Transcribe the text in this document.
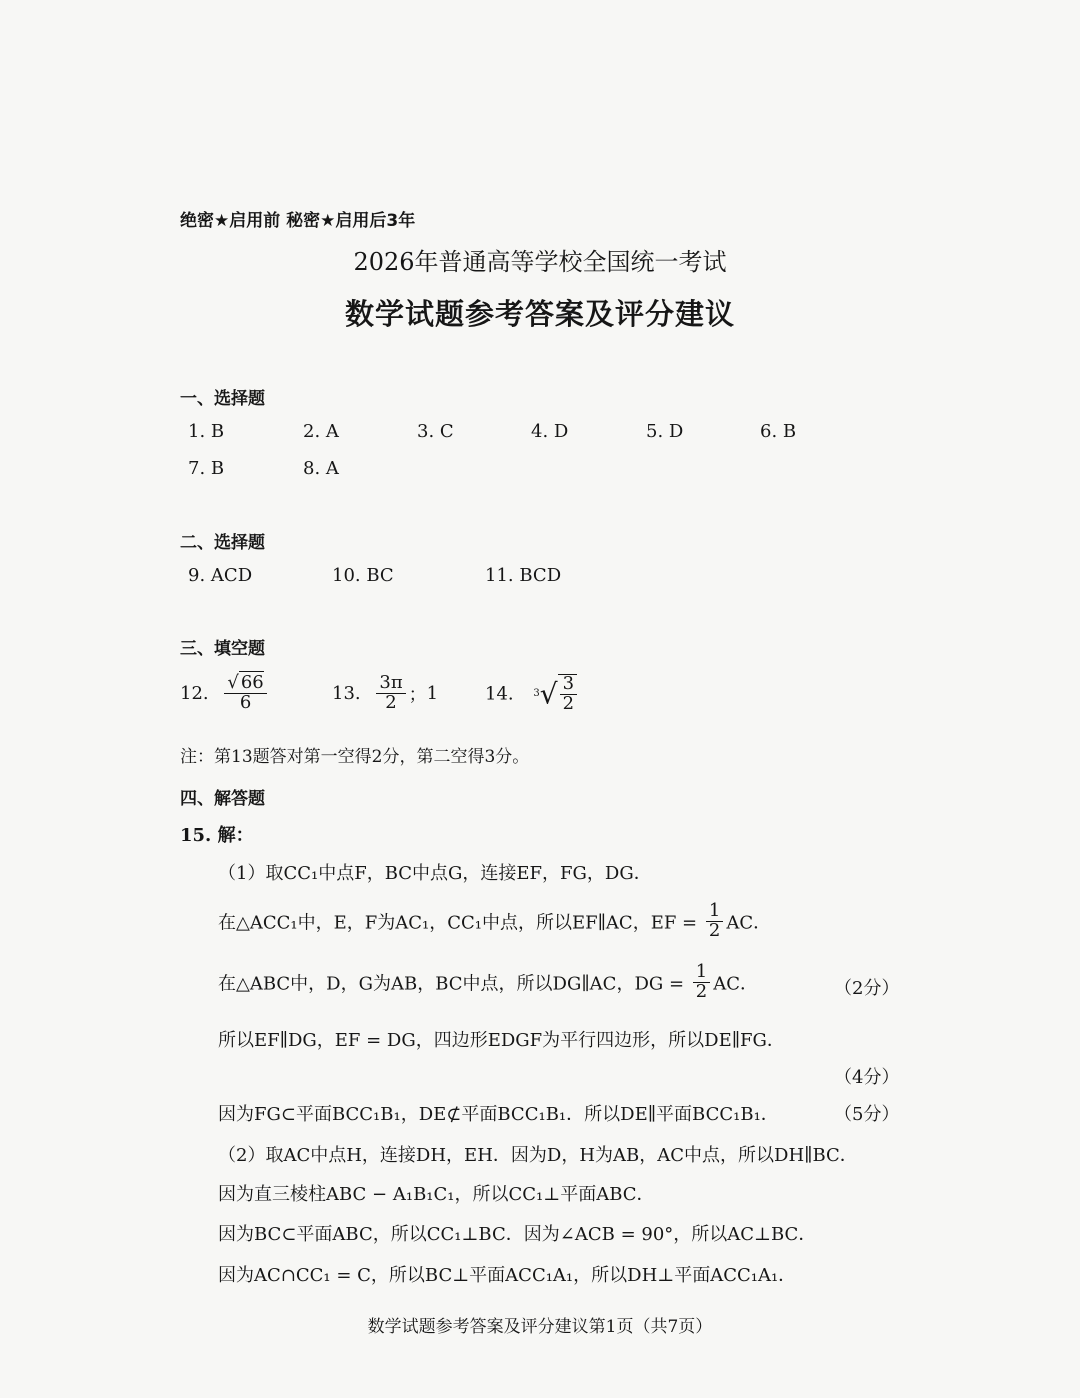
绝密★启用前 秘密★启用后3年
2026年普通高等学校全国统一考试
数学试题参考答案及评分建议
一、选择题
1. B	2. A	3. C	4. D	5. D	6. B
7. B	8. A
二、选择题
9. ACD	10. BC	11. BCD
三、填空题
12. $\frac{√ 66}{6}$	13. $\frac{3\pi}{2}$ ；1	14. $3√ \frac{3}{2}$
注：第13题答对第一空得2分，第二空得3分。
四、解答题
15. 解：
（1）取CC₁中点F，BC中点G，连接EF，FG，DG．
在△ACC₁中，E，F为AC₁，CC₁中点，所以EF∥AC，EF = $\frac{1}{2}$ AC．
在△ABC中，D，G为AB，BC中点，所以DG∥AC，DG = $\frac{1}{2}$ AC．	（2分）
所以EF∥DG，EF = DG，四边形EDGF为平行四边形，所以DE∥FG．
（4分）
因为FG⊂平面BCC₁B₁，DE⊄平面BCC₁B₁．所以DE∥平面BCC₁B₁．	（5分）
（2）取AC中点H，连接DH，EH．因为D，H为AB，AC中点，所以DH∥BC．
因为直三棱柱ABC − A₁B₁C₁，所以CC₁⊥平面ABC．
因为BC⊂平面ABC，所以CC₁⊥BC．因为∠ACB = 90°，所以AC⊥BC．
因为AC∩CC₁ = C，所以BC⊥平面ACC₁A₁，所以DH⊥平面ACC₁A₁．
数学试题参考答案及评分建议第1页（共7页）
